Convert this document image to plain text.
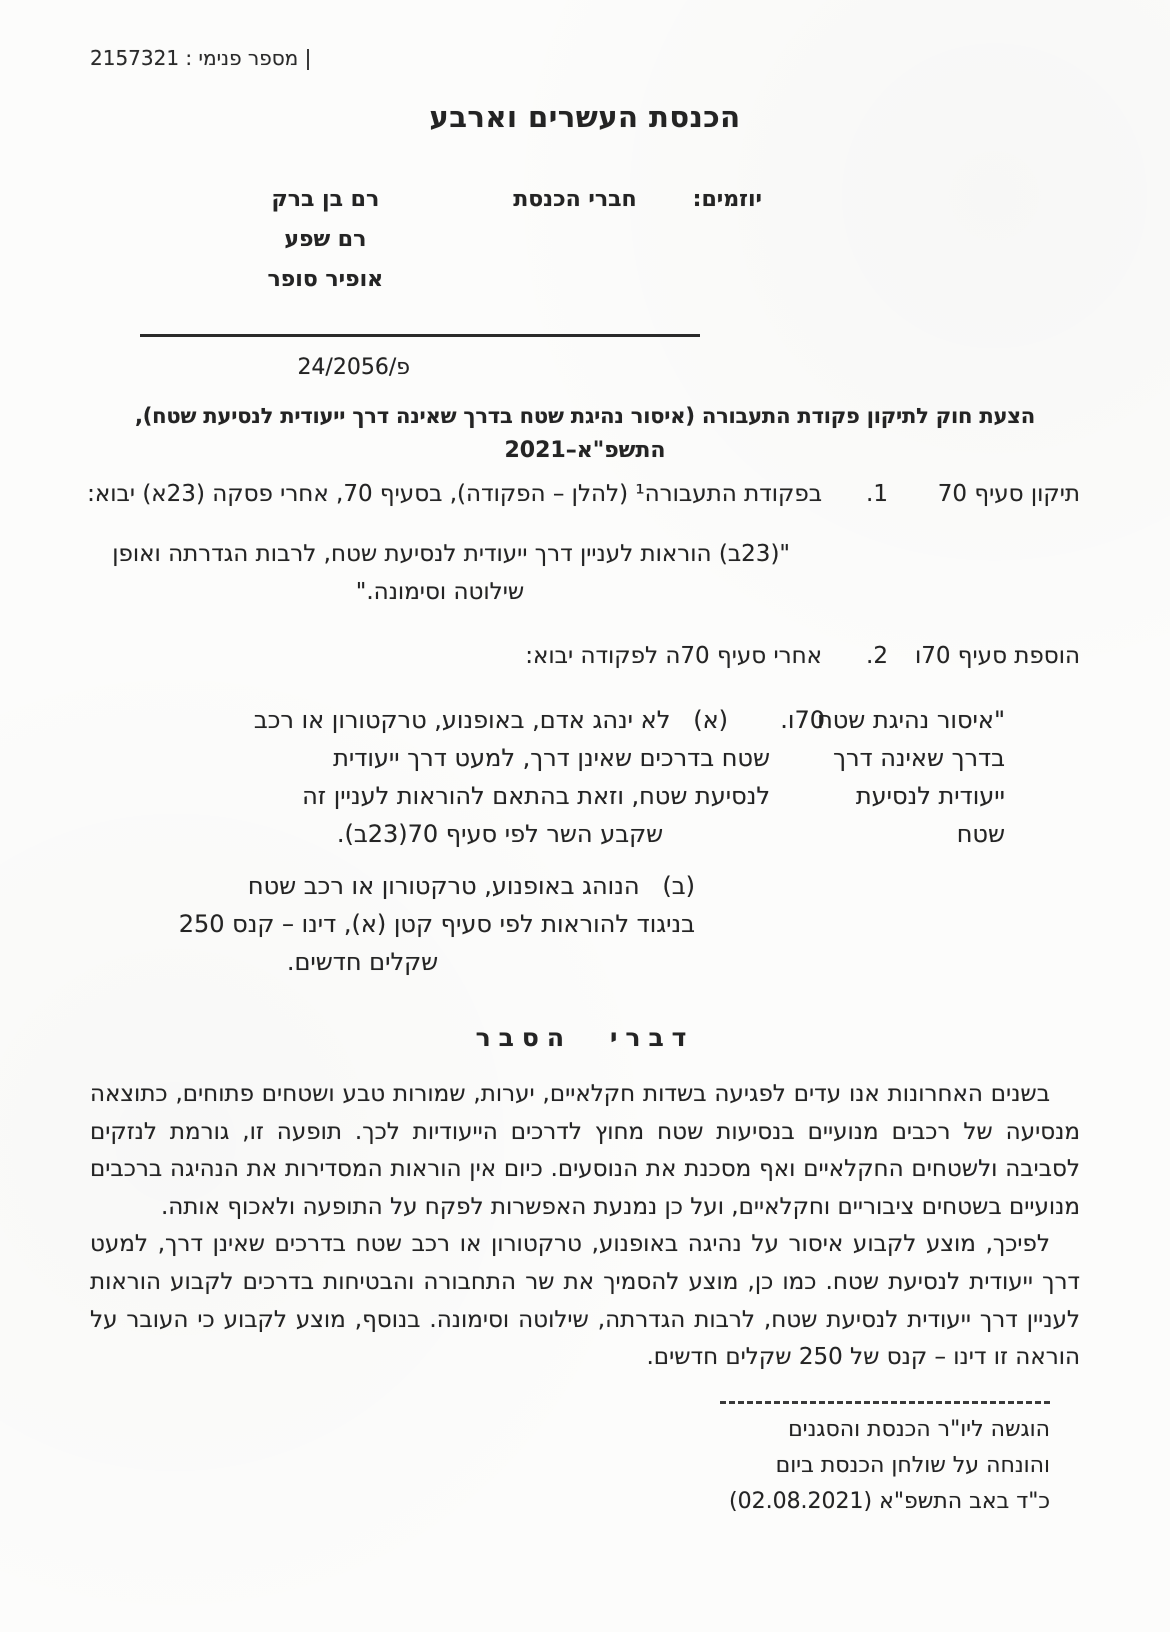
מספר פנימי : 2157321
הכנסת העשרים וארבע
יוזמים:
חברי הכנסת
רם בן ברק
רם שפע
אופיר סופר
פ/24/2056
הצעת חוק לתיקון פקודת התעבורה (איסור נהיגת שטח בדרך שאינה דרך ייעודית לנסיעת שטח),
התשפ"א–2021
תיקון סעיף 70
1.
בפקודת התעבורה¹ (להלן – הפקודה), בסעיף 70, אחרי פסקה (23א) יבוא:
"(23ב) הוראות לעניין דרך ייעודית לנסיעת שטח, לרבות הגדרתה ואופן
שילוטה וסימונה."
הוספת סעיף 70ו
2.
אחרי סעיף 70ה לפקודה יבוא:
"איסור נהיגת שטח
בדרך שאינה דרך
ייעודית לנסיעת
שטח
70ו.
(א)   לא ינהג אדם, באופנוע, טרקטורון או רכב
שטח בדרכים שאינן דרך, למעט דרך ייעודית
לנסיעת שטח, וזאת בהתאם להוראות לעניין זה
שקבע השר לפי סעיף 70(23ב).
(ב)   הנוהג באופנוע, טרקטורון או רכב שטח
בניגוד להוראות לפי סעיף קטן (א), דינו – קנס 250
שקלים חדשים.
דברי הסבר

בשנים האחרונות אנו עדים לפגיעה בשדות חקלאיים, יערות, שמורות טבע ושטחים פתוחים, כתוצאה מנסיעה של רכבים מנועיים בנסיעות שטח מחוץ לדרכים הייעודיות לכך. תופעה זו, גורמת לנזקים לסביבה ולשטחים החקלאיים ואף מסכנת את הנוסעים. כיום אין הוראות המסדירות את הנהיגה ברכבים מנועיים בשטחים ציבוריים וחקלאיים, ועל כן נמנעת האפשרות לפקח על התופעה ולאכוף אותה.

לפיכך, מוצע לקבוע איסור על נהיגה באופנוע, טרקטורון או רכב שטח בדרכים שאינן דרך, למעט דרך ייעודית לנסיעת שטח. כמו כן, מוצע להסמיך את שר התחבורה והבטיחות בדרכים לקבוע הוראות לעניין דרך ייעודית לנסיעת שטח, לרבות הגדרתה, שילוטה וסימונה. בנוסף, מוצע לקבוע כי העובר על הוראה זו דינו – קנס של 250 שקלים חדשים.

הוגשה ליו"ר הכנסת והסגנים
והונחה על שולחן הכנסת ביום
כ"ד באב התשפ"א (02.08.2021)
